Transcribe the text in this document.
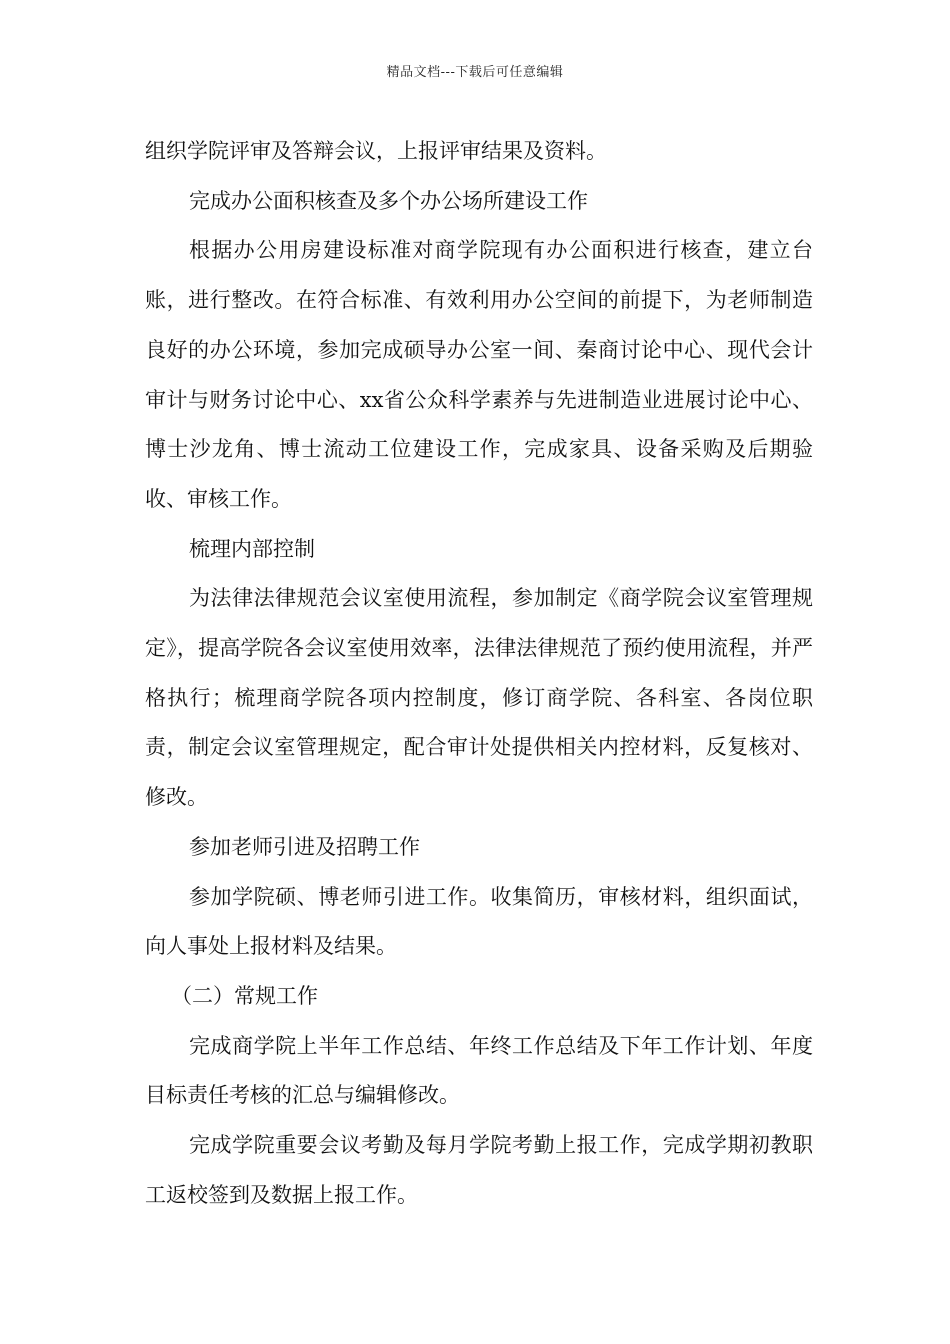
精品文档---下载后可任意编辑

组织学院评审及答辩会议，上报评审结果及资料。

完成办公面积核查及多个办公场所建设工作

根据办公用房建设标准对商学院现有办公面积进行核查，建立台账，进行整改。在符合标准、有效利用办公空间的前提下，为老师制造良好的办公环境，参加完成硕导办公室一间、秦商讨论中心、现代会计审计与财务讨论中心、xx省公众科学素养与先进制造业进展讨论中心、博士沙龙角、博士流动工位建设工作，完成家具、设备采购及后期验收、审核工作。

梳理内部控制

为法律法律规范会议室使用流程，参加制定《商学院会议室管理规定》，提高学院各会议室使用效率，法律法律规范了预约使用流程，并严格执行；梳理商学院各项内控制度，修订商学院、各科室、各岗位职责，制定会议室管理规定，配合审计处提供相关内控材料，反复核对、修改。

参加老师引进及招聘工作

参加学院硕、博老师引进工作。收集简历，审核材料，组织面试，向人事处上报材料及结果。

（二）常规工作

完成商学院上半年工作总结、年终工作总结及下年工作计划、年度目标责任考核的汇总与编辑修改。

完成学院重要会议考勤及每月学院考勤上报工作，完成学期初教职工返校签到及数据上报工作。
